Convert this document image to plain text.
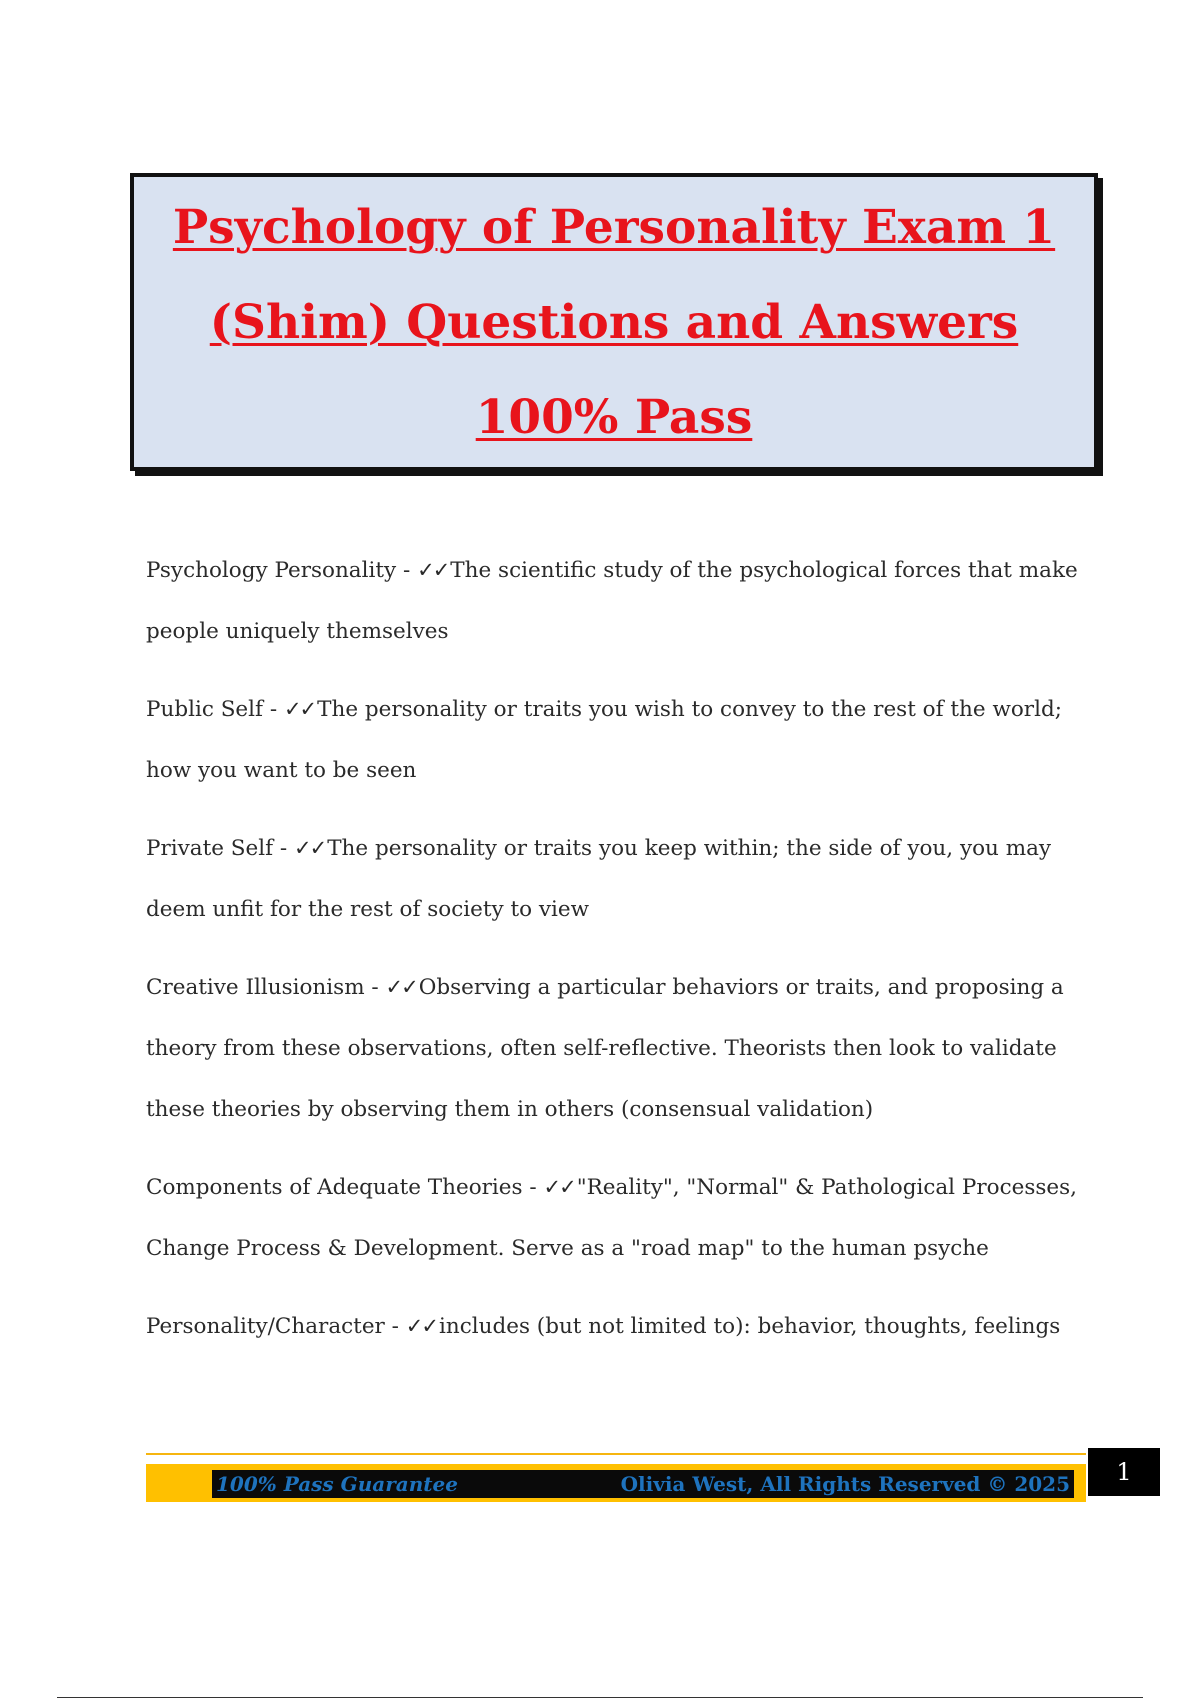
Psychology of Personality Exam 1 (Shim) Questions and Answers 100% Pass

Psychology Personality - ✓✓The scientific study of the psychological forces that make people uniquely themselves

Public Self - ✓✓The personality or traits you wish to convey to the rest of the world; how you want to be seen

Private Self - ✓✓The personality or traits you keep within; the side of you, you may deem unfit for the rest of society to view

Creative Illusionism - ✓✓Observing a particular behaviors or traits, and proposing a theory from these observations, often self-reflective. Theorists then look to validate these theories by observing them in others (consensual validation)

Components of Adequate Theories - ✓✓"Reality", "Normal" & Pathological Processes, Change Process & Development. Serve as a "road map" to the human psyche

Personality/Character - ✓✓includes (but not limited to): behavior, thoughts, feelings

100% Pass Guarantee	Olivia West, All Rights Reserved © 2025	1
